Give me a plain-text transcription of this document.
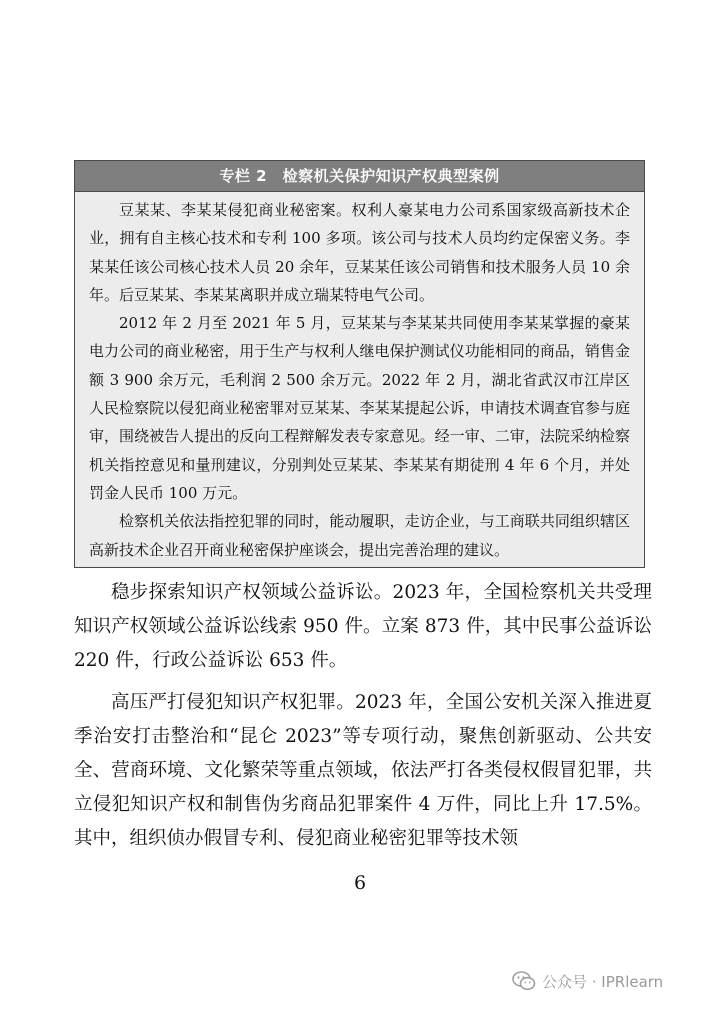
专栏 2　检察机关保护知识产权典型案例

豆某某、李某某侵犯商业秘密案。权利人豪某电力公司系国家级高新技术企业，拥有自主核心技术和专利 100 多项。该公司与技术人员均约定保密义务。李某某任该公司核心技术人员 20 余年，豆某某任该公司销售和技术服务人员 10 余年。后豆某某、李某某离职并成立瑞某特电气公司。

2012 年 2 月至 2021 年 5 月，豆某某与李某某共同使用李某某掌握的豪某电力公司的商业秘密，用于生产与权利人继电保护测试仪功能相同的商品，销售金额 3 900 余万元，毛利润 2 500 余万元。2022 年 2 月，湖北省武汉市江岸区人民检察院以侵犯商业秘密罪对豆某某、李某某提起公诉，申请技术调查官参与庭审，围绕被告人提出的反向工程辩解发表专家意见。经一审、二审，法院采纳检察机关指控意见和量刑建议，分别判处豆某某、李某某有期徒刑 4 年 6 个月，并处罚金人民币 100 万元。

检察机关依法指控犯罪的同时，能动履职，走访企业，与工商联共同组织辖区高新技术企业召开商业秘密保护座谈会，提出完善治理的建议。

稳步探索知识产权领域公益诉讼。2023 年，全国检察机关共受理知识产权领域公益诉讼线索 950 件。立案 873 件，其中民事公益诉讼 220 件，行政公益诉讼 653 件。

高压严打侵犯知识产权犯罪。2023 年，全国公安机关深入推进夏季治安打击整治和“昆仑 2023”等专项行动，聚焦创新驱动、公共安全、营商环境、文化繁荣等重点领域，依法严打各类侵权假冒犯罪，共立侵犯知识产权和制售伪劣商品犯罪案件 4 万件，同比上升 17.5%。其中，组织侦办假冒专利、侵犯商业秘密犯罪等技术领

6
公众号 · IPRlearn
